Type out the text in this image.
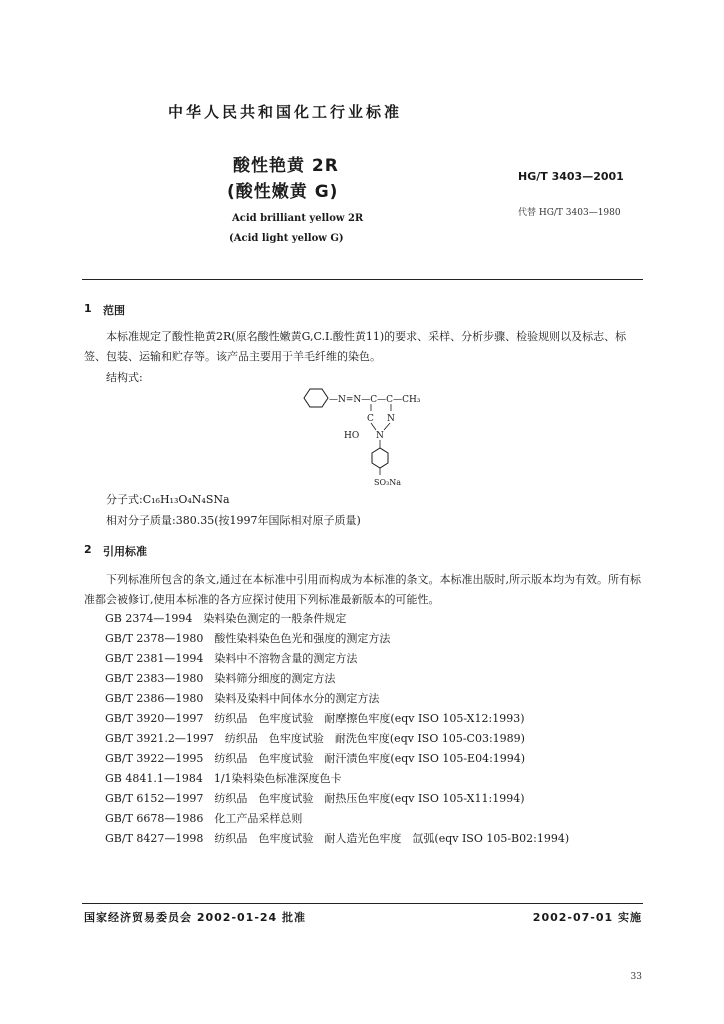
中华人民共和国化工行业标准
酸性艳黄 2R
(酸性嫩黄 G)
Acid brilliant yellow 2R
(Acid light yellow G)
HG/T 3403—2001
代替 HG/T 3403—1980
1 范围

本标准规定了酸性艳黄2R(原名酸性嫩黄G,C.I.酸性黄11)的要求、采样、分析步骤、检验规则以及标志、标签、包装、运输和贮存等。该产品主要用于羊毛纤维的染色。

结构式:
—N=N—C—C—CH₃
C N
HO N
SO₃Na
分子式:C₁₆H₁₃O₄N₄SNa
相对分子质量:380.35(按1997年国际相对原子质量)
2 引用标准

下列标准所包含的条文,通过在本标准中引用而构成为本标准的条文。本标准出版时,所示版本均为有效。所有标准都会被修订,使用本标准的各方应探讨使用下列标准最新版本的可能性。

GB 2374—1994　染料染色测定的一般条件规定
GB/T 2378—1980　酸性染料染色色光和强度的测定方法
GB/T 2381—1994　染料中不溶物含量的测定方法
GB/T 2383—1980　染料筛分细度的测定方法
GB/T 2386—1980　染料及染料中间体水分的测定方法
GB/T 3920—1997　纺织品　色牢度试验　耐摩擦色牢度(eqv ISO 105-X12:1993)
GB/T 3921.2—1997　纺织品　色牢度试验　耐洗色牢度(eqv ISO 105-C03:1989)
GB/T 3922—1995　纺织品　色牢度试验　耐汗渍色牢度(eqv ISO 105-E04:1994)
GB 4841.1—1984　1/1染料染色标准深度色卡
GB/T 6152—1997　纺织品　色牢度试验　耐热压色牢度(eqv ISO 105-X11:1994)
GB/T 6678—1986　化工产品采样总则
GB/T 8427—1998　纺织品　色牢度试验　耐人造光色牢度　氙弧(eqv ISO 105-B02:1994)
国家经济贸易委员会 2002-01-24 批准	2002-07-01 实施
33
